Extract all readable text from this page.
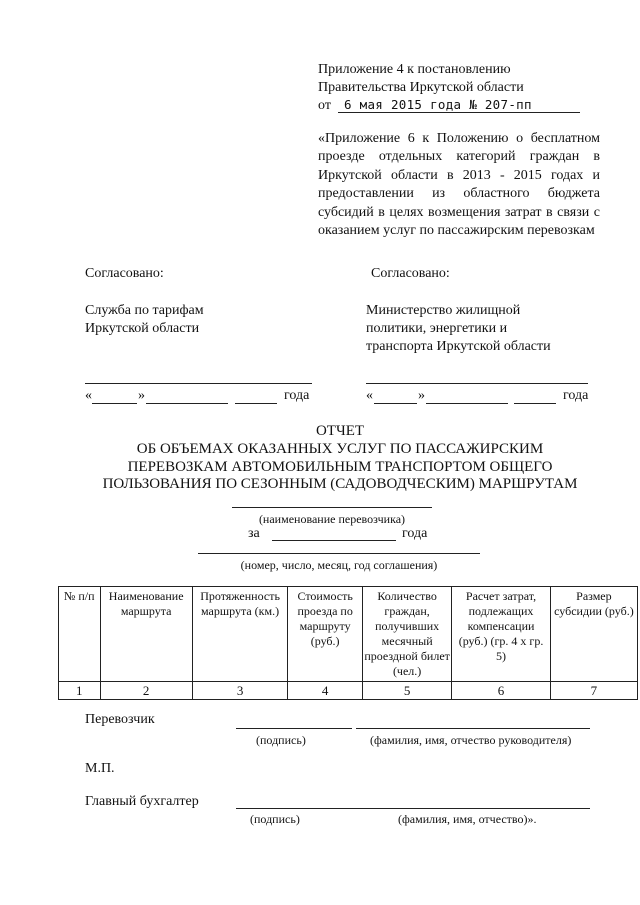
Приложение 4 к постановлению
Правительства Иркутской области
от 6 мая 2015 года № 207-пп
«Приложение 6 к Положению о бесплатном проезде отдельных категорий граждан в Иркутской области в 2013 - 2015 годах и предоставлении из областного бюджета субсидий в целях возмещения затрат в связи с оказанием услуг по пассажирским перевозкам
Согласовано:
Служба по тарифам
Иркутской области
«	»	года
Согласовано:
Министерство жилищной
политики, энергетики и
транспорта Иркутской области
«	»	года
ОТЧЕТ
ОБ ОБЪЕМАХ ОКАЗАННЫХ УСЛУГ ПО ПАССАЖИРСКИМ
ПЕРЕВОЗКАМ АВТОМОБИЛЬНЫМ ТРАНСПОРТОМ ОБЩЕГО
ПОЛЬЗОВАНИЯ ПО СЕЗОННЫМ (САДОВОДЧЕСКИМ) МАРШРУТАМ
(наименование перевозчика)
за	года
(номер, число, месяц, год соглашения)
№ п/п	Наименование маршрута	Протяженность маршрута (км.)	Стоимость проезда по маршруту (руб.)	Количество граждан, получивших месячный проездной билет (чел.)	Расчет затрат, подлежащих компенсации (руб.) (гр. 4 х гр. 5)	Размер субсидии (руб.)
1	2	3	4	5	6	7
Перевозчик
(подпись)	(фамилия, имя, отчество руководителя)
М.П.
Главный бухгалтер
(подпись)	(фамилия, имя, отчество)».
